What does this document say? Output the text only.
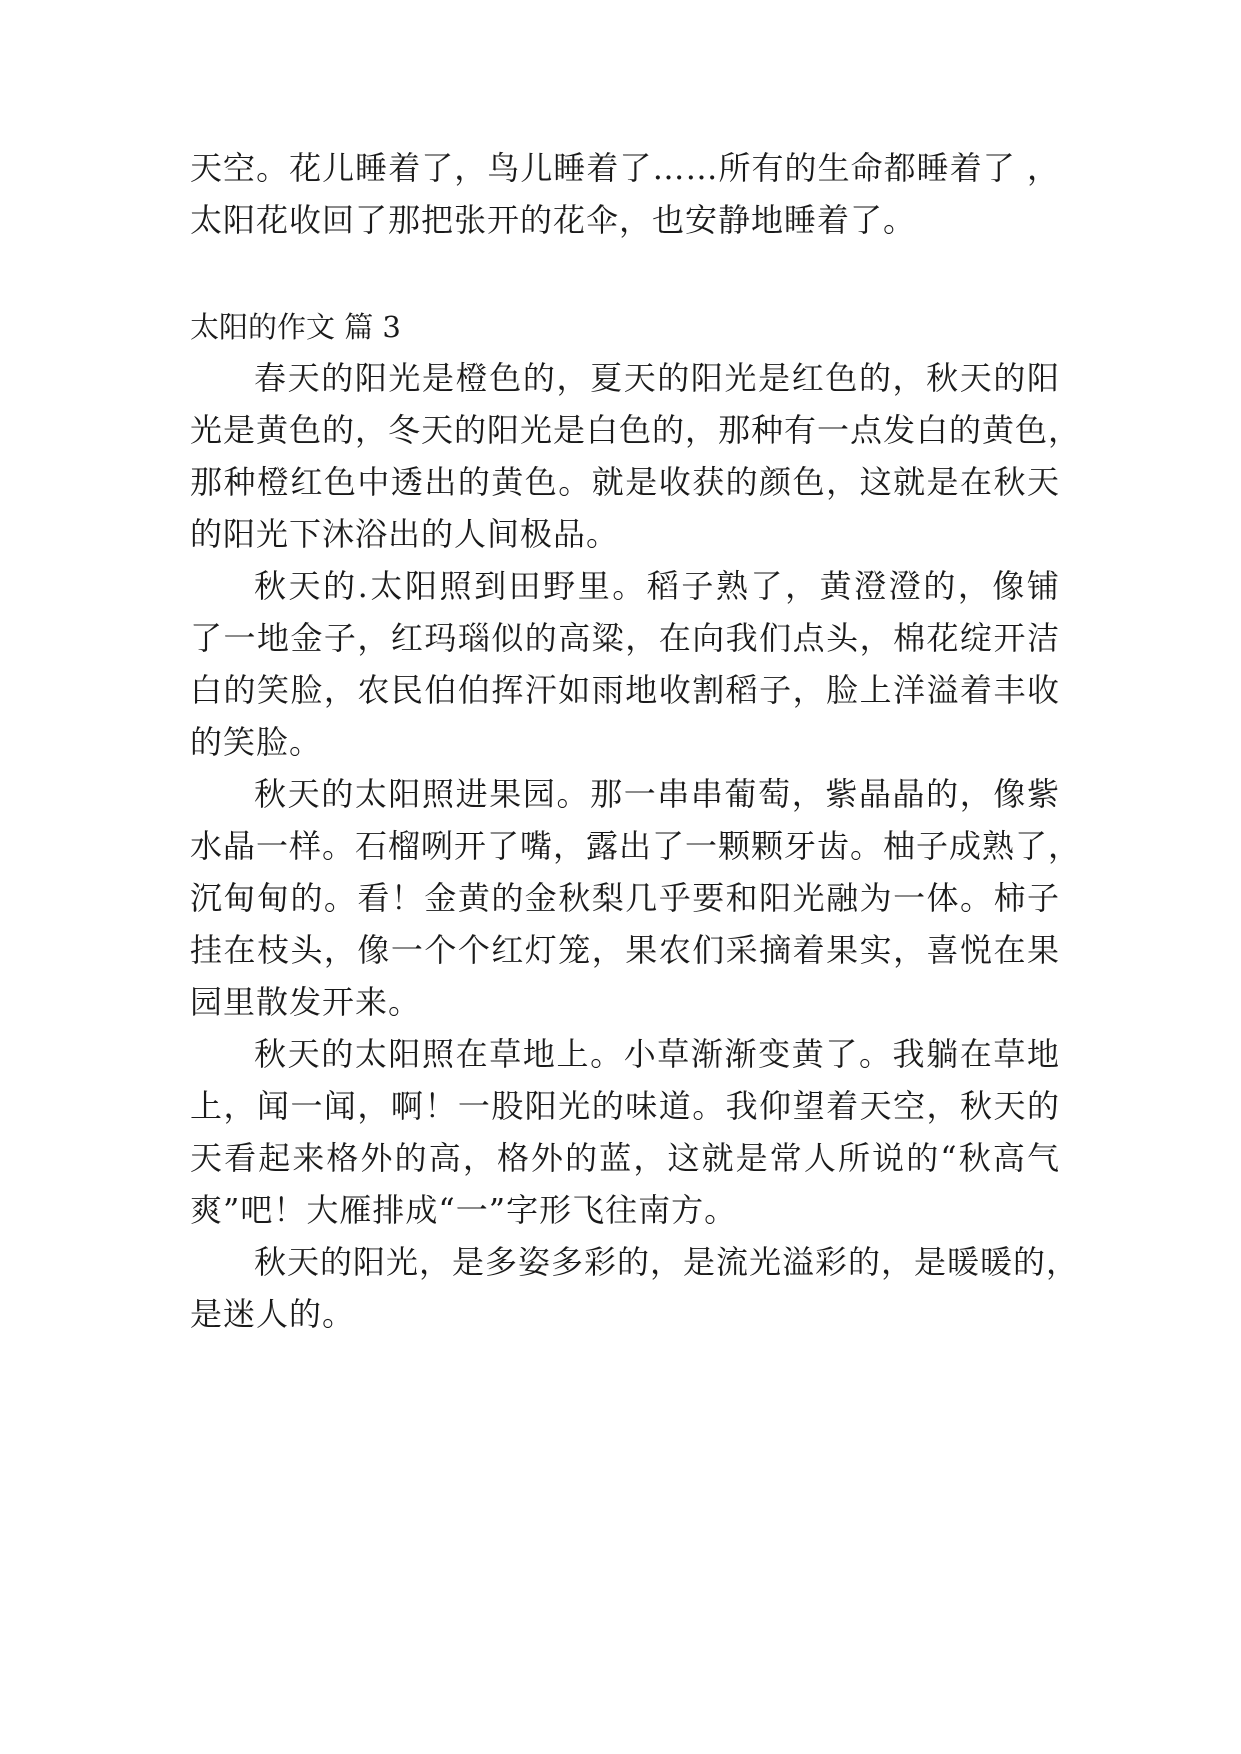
天空。花儿睡着了，鸟儿睡着了……所有的生命都睡着了 ，
太阳花收回了那把张开的花伞，也安静地睡着了。
太阳的作文 篇 3
春天的阳光是橙色的，夏天的阳光是红色的，秋天的阳
光是黄色的，冬天的阳光是白色的，那种有一点发白的黄色，
那种橙红色中透出的黄色。就是收获的颜色，这就是在秋天
的阳光下沐浴出的人间极品。
秋天的.太阳照到田野里。稻子熟了，黄澄澄的，像铺
了一地金子，红玛瑙似的高粱，在向我们点头，棉花绽开洁
白的笑脸，农民伯伯挥汗如雨地收割稻子，脸上洋溢着丰收
的笑脸。
秋天的太阳照进果园。那一串串葡萄，紫晶晶的，像紫
水晶一样。石榴咧开了嘴，露出了一颗颗牙齿。柚子成熟了，
沉甸甸的。看！金黄的金秋梨几乎要和阳光融为一体。柿子
挂在枝头，像一个个红灯笼，果农们采摘着果实，喜悦在果
园里散发开来。
秋天的太阳照在草地上。小草渐渐变黄了。我躺在草地
上，闻一闻，啊！一股阳光的味道。我仰望着天空，秋天的
天看起来格外的高，格外的蓝，这就是常人所说的“秋高气
爽”吧！大雁排成“一”字形飞往南方。
秋天的阳光，是多姿多彩的，是流光溢彩的，是暖暖的，
是迷人的。
